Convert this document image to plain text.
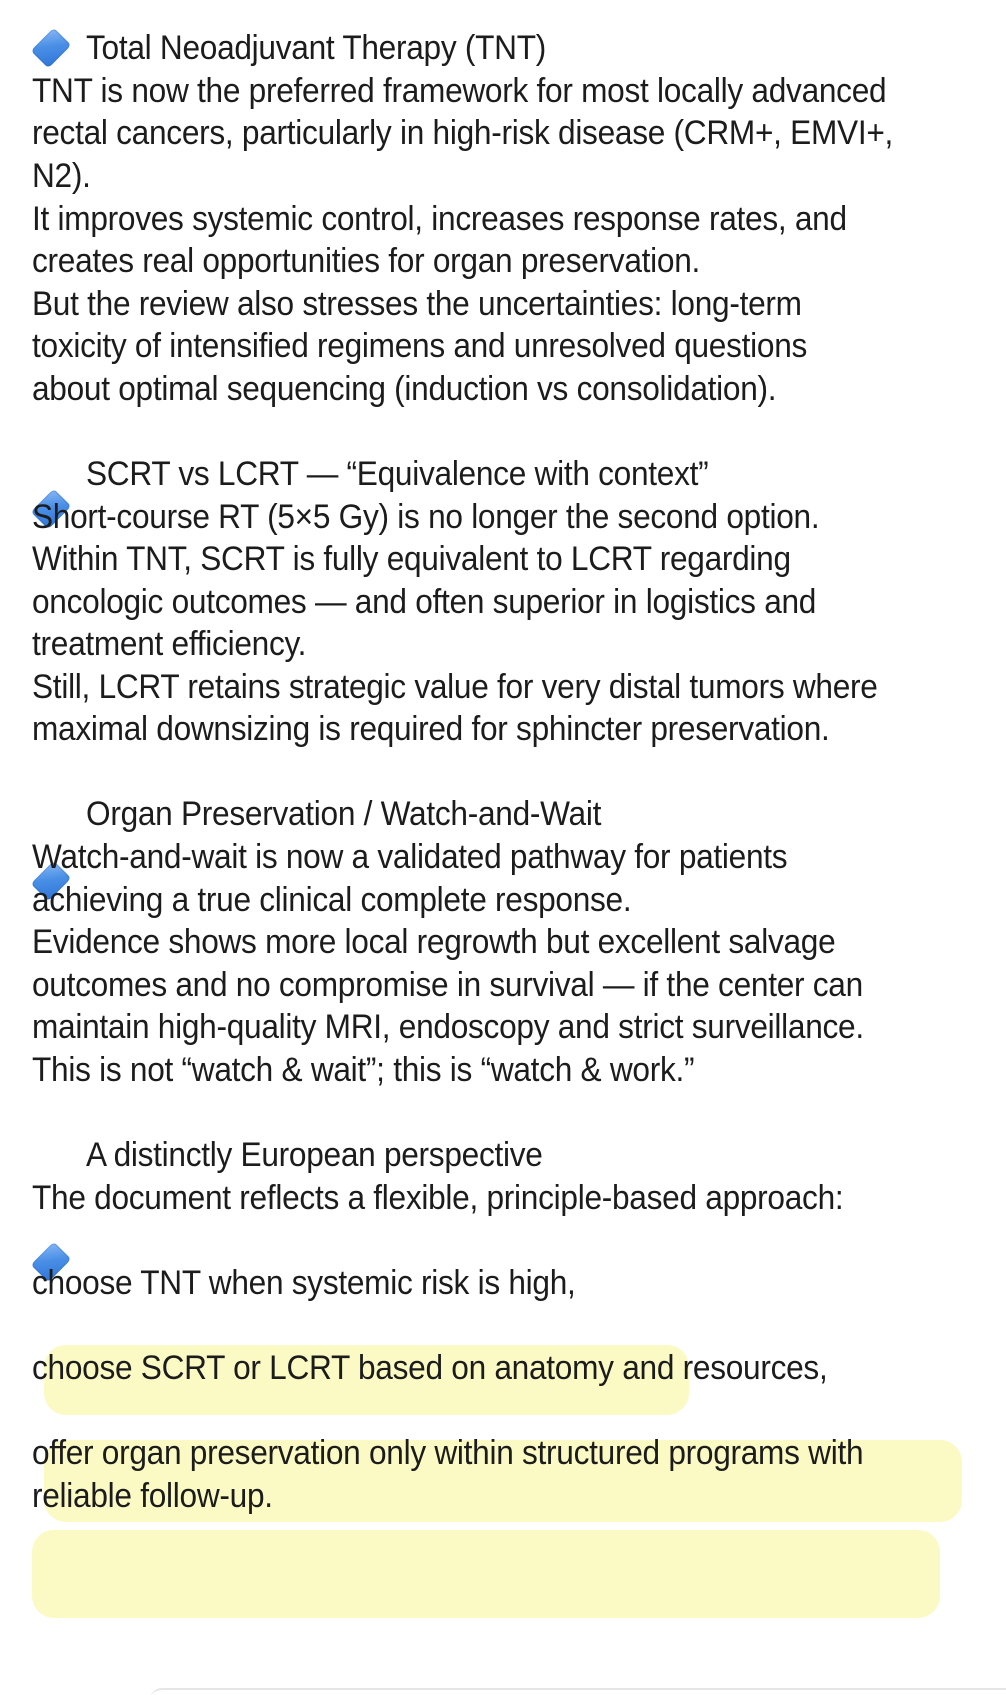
Total Neoadjuvant Therapy (TNT)
TNT is now the preferred framework for most locally advanced
rectal cancers, particularly in high-risk disease (CRM+, EMVI+,
N2).
It improves systemic control, increases response rates, and
creates real opportunities for organ preservation.
But the review also stresses the uncertainties: long-term
toxicity of intensified regimens and unresolved questions
about optimal sequencing (induction vs consolidation).
SCRT vs LCRT — “Equivalence with context”
Short-course RT (5×5 Gy) is no longer the second option.
Within TNT, SCRT is fully equivalent to LCRT regarding
oncologic outcomes — and often superior in logistics and
treatment efficiency.
Still, LCRT retains strategic value for very distal tumors where
maximal downsizing is required for sphincter preservation.
Organ Preservation / Watch-and-Wait
Watch-and-wait is now a validated pathway for patients
achieving a true clinical complete response.
Evidence shows more local regrowth but excellent salvage
outcomes and no compromise in survival — if the center can
maintain high-quality MRI, endoscopy and strict surveillance.
This is not “watch & wait”; this is “watch & work.”
A distinctly European perspective
The document reflects a flexible, principle-based approach:
choose TNT when systemic risk is high,
choose SCRT or LCRT based on anatomy and resources,
offer organ preservation only within structured programs with
reliable follow-up.
